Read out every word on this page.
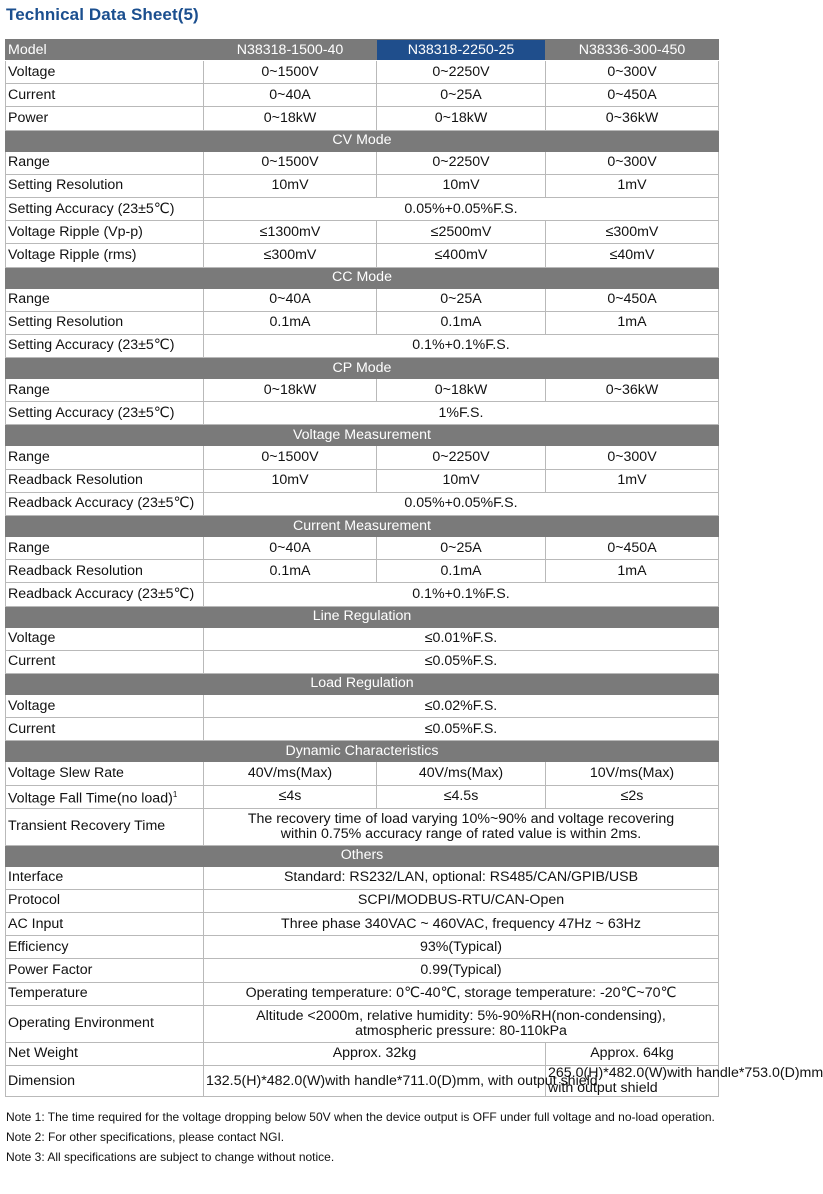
Technical Data Sheet(5)
Model	N38318-1500-40	N38318-2250-25	N38336-300-450
Voltage	0~1500V	0~2250V	0~300V
Current	0~40A	0~25A	0~450A
Power	0~18kW	0~18kW	0~36kW
CV Mode			
Range	0~1500V	0~2250V	0~300V
Setting Resolution	10mV	10mV	1mV
Setting Accuracy (23±5℃)	0.05%+0.05%F.S.		
Voltage Ripple (Vp-p)	≤1300mV	≤2500mV	≤300mV
Voltage Ripple (rms)	≤300mV	≤400mV	≤40mV
CC Mode			
Range	0~40A	0~25A	0~450A
Setting Resolution	0.1mA	0.1mA	1mA
Setting Accuracy (23±5℃)	0.1%+0.1%F.S.		
CP Mode			
Range	0~18kW	0~18kW	0~36kW
Setting Accuracy (23±5℃)	1%F.S.		
Voltage Measurement			
Range	0~1500V	0~2250V	0~300V
Readback Resolution	10mV	10mV	1mV
Readback Accuracy (23±5℃)	0.05%+0.05%F.S.		
Current Measurement			
Range	0~40A	0~25A	0~450A
Readback Resolution	0.1mA	0.1mA	1mA
Readback Accuracy (23±5℃)	0.1%+0.1%F.S.		
Line Regulation			
Voltage	≤0.01%F.S.		
Current	≤0.05%F.S.		
Load Regulation			
Voltage	≤0.02%F.S.		
Current	≤0.05%F.S.		
Dynamic Characteristics			
Voltage Slew Rate	40V/ms(Max)	40V/ms(Max)	10V/ms(Max)
Voltage Fall Time(no load)$^1$	≤4s	≤4.5s	≤2s
Transient Recovery Time	The recovery time of load varying 10%~90% and voltage recovering
within 0.75% accuracy range of rated value is within 2ms.		

Others			
Interface	Standard: RS232/LAN, optional: RS485/CAN/GPIB/USB		
Protocol	SCPI/MODBUS-RTU/CAN-Open		
AC Input	Three phase 340VAC ~ 460VAC, frequency 47Hz ~ 63Hz		
Efficiency	93%(Typical)		
Power Factor	0.99(Typical)		
Temperature	Operating temperature: 0℃-40℃, storage temperature: -20℃~70℃		
Operating Environment	Altitude <2000m, relative humidity: 5%-90%RH(non-condensing),
atmospheric pressure: 80-110kPa		

Net Weight	Approx. 32kg		Approx. 64kg
Dimension	132.5(H)*482.0(W)with handle*711.0(D)mm, with output shield		265.0(H)*482.0(W)with handle*753.0(D)mm
with output shield

Note 1: The time required for the voltage dropping below 50V when the device output is OFF under full voltage and no-load operation.

Note 2: For other specifications, please contact NGI.

Note 3: All specifications are subject to change without notice.
